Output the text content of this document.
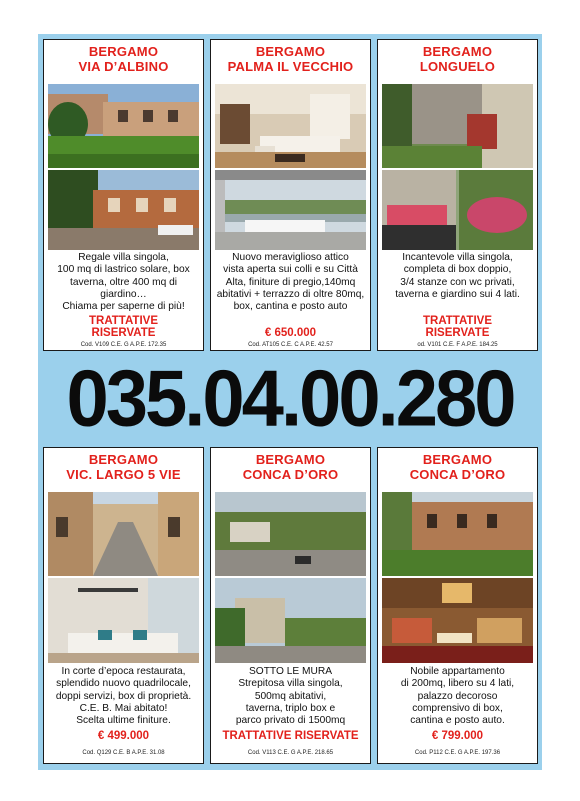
BERGAMO
VIA D’ALBINO
Regale villa singola,
100 mq di lastrico solare, box
taverna, oltre 400 mq di giardino…
Chiama per saperne di più!
TRATTATIVE
RISERVATE
Cod. V109 C.E. G A.P.E. 172.35
BERGAMO
PALMA IL VECCHIO
Nuovo meraviglioso attico
vista aperta sui colli e su Città
Alta, finiture di pregio,140mq
abitativi + terrazzo di oltre 80mq,
box, cantina e posto auto
€ 650.000
Cod. AT105 C.E. C A.P.E. 42.57
BERGAMO
LONGUELO
Incantevole villa singola,
completa di box doppio,
3/4 stanze con wc privati,
taverna e giardino sui 4 lati.
TRATTATIVE
RISERVATE
od. V101 C.E. F A.P.E. 184.25
035.04.00.280
BERGAMO
VIC. LARGO 5 VIE
In corte d’epoca restaurata,
splendido nuovo quadrilocale,
doppi servizi, box di proprietà.
C.E. B. Mai abitato!
Scelta ultime finiture.
€ 499.000
Cod. Q129 C.E. B A.P.E. 31.08
BERGAMO
CONCA D’ORO
SOTTO LE MURA
Strepitosa villa singola,
500mq abitativi,
taverna, triplo box e
parco privato di 1500mq
TRATTATIVE RISERVATE
Cod. V113 C.E. G A.P.E. 218.65
BERGAMO
CONCA D’ORO
Nobile appartamento
di 200mq, libero su 4 lati,
palazzo decoroso
comprensivo di box,
cantina e posto auto.
€ 799.000
Cod. P112 C.E. G A.P.E. 197.36
